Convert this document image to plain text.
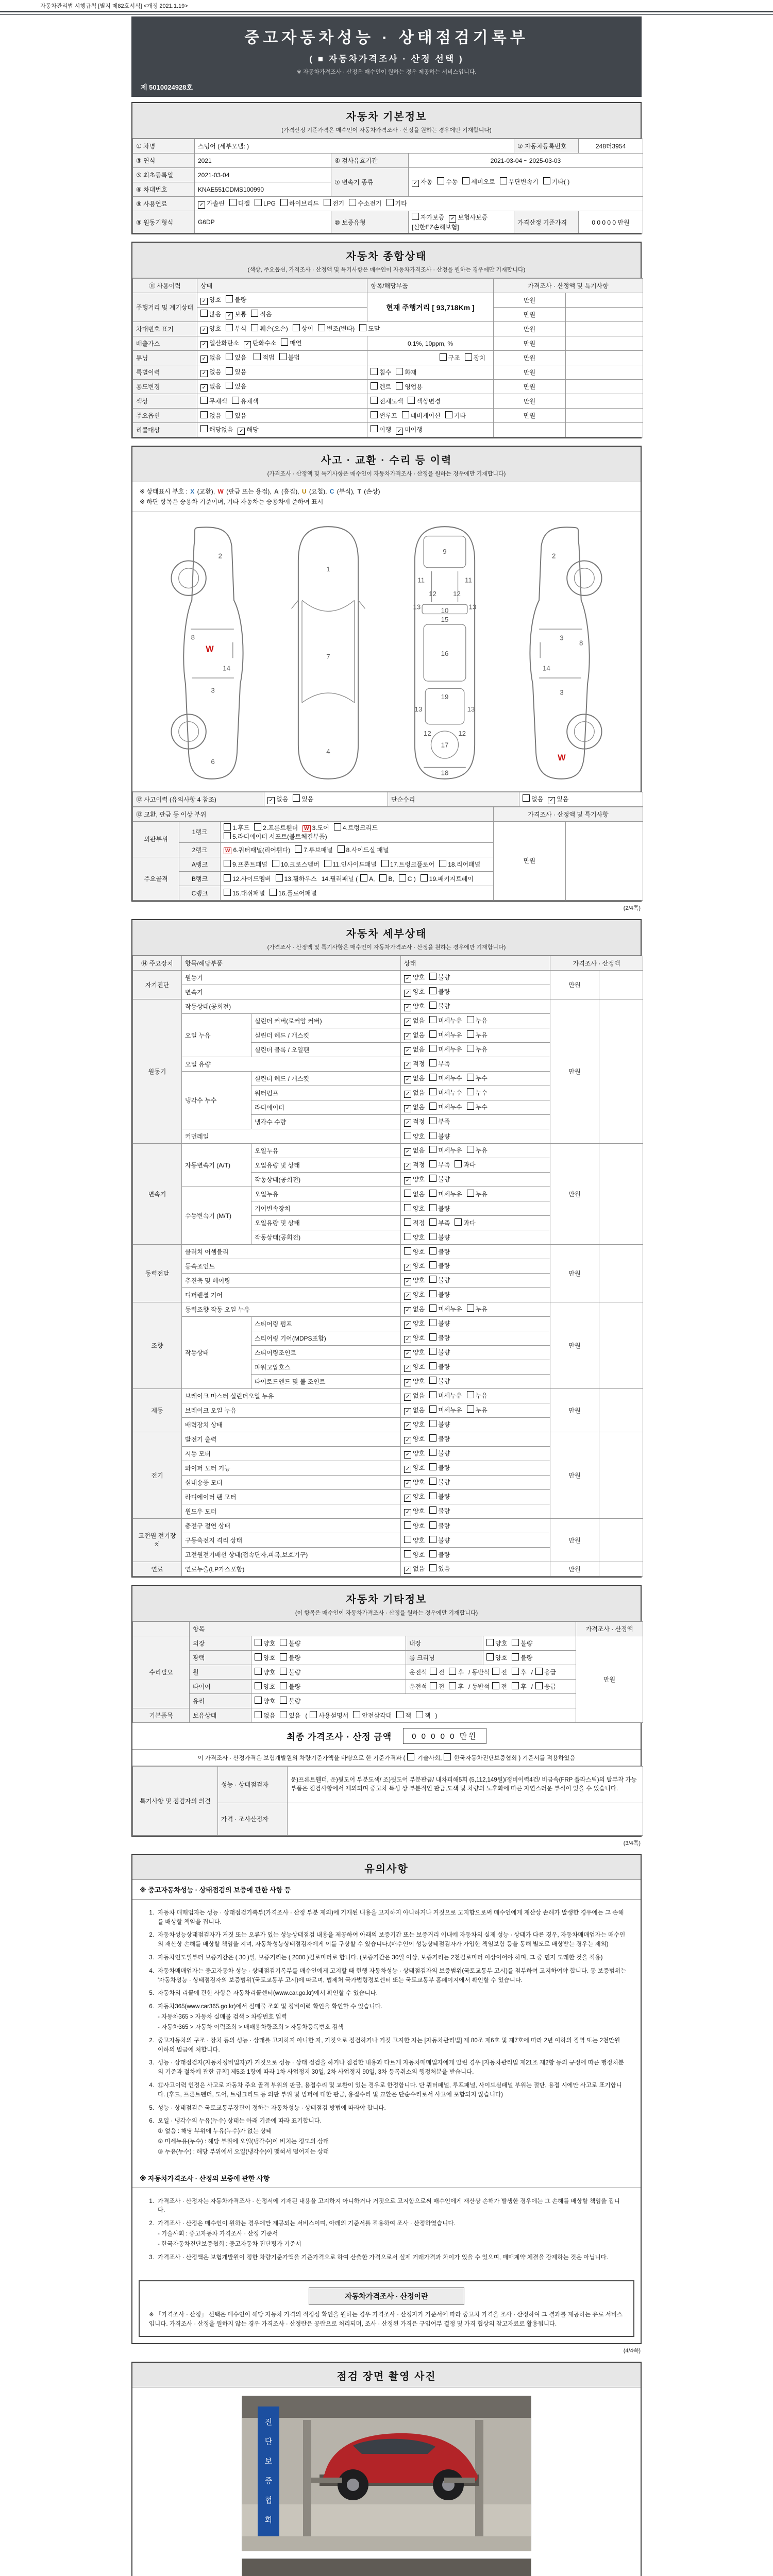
자동차관리법 시행규칙 [별지 제82호서식] <개정 2021.1.19>
중고자동차성능 · 상태점검기록부
( ■ 자동차가격조사 · 산정 선택 )
※ 자동차가격조사 · 산정은 매수인이 원하는 경우 제공하는 서비스입니다.
제 5010024928호
자동차 기본정보
(가격산정 기준가격은 매수인이 자동차가격조사 · 산정을 원하는 경우에만 기재합니다)
① 차명	스팅어 (세부모델: )			② 자동차등록번호	248더3954
③ 연식	2021	④ 검사유효기간	2021-03-04 ~ 2025-03-03		
⑤ 최초등록일	2021-03-04	⑦ 변속기 종류	✓ 자동 수동 세미오토 무단변속기 기타( )		
⑥ 차대번호	KNAE551CDMS100990				
⑧ 사용연료	✓ 가솔린 디젤 LPG 하이브리드 전기 수소전기 기타				
⑨ 원동기형식	G6DP	⑩ 보증유형	자가보증 ✓ 보험사보증[신한EZ손해보험]	가격산정 기준가격	0 0 0 0 0 만원
자동차 종합상태
(색상, 주요옵션, 가격조사 · 산정액 및 특기사항은 매수인이 자동차가격조사 · 산정을 원하는 경우에만 기재합니다)
⑪ 사용이력	상태	항목/해당부품	가격조사 · 산정액 및 특기사항	
주행거리 및 계기상태	✓ 양호 불량	현재 주행거리 [ 93,718Km ]	만원	
	많음 ✓ 보통 적음		만원	
차대번호 표기	✓ 양호 부식 훼손(오손) 상이 변조(변타) 도말		만원	
배출가스	✓ 일산화탄소 ✓ 탄화수소 매연	0.1%, 10ppm, %	만원	
튜닝	✓ 없음 있음 적법 불법	구조 장치	만원	
특별이력	✓ 없음 있음	침수 화재	만원	
용도변경	✓ 없음 있음	렌트 영업용	만원	
색상	무채색 유채색	전체도색 색상변경	만원	
주요옵션	없음 있음	썬루프 네비게이션 기타	만원	
리콜대상	해당없음 ✓ 해당	이행 ✓ 미이행		
사고 · 교환 · 수리 등 이력
(가격조사 · 산정액 및 특기사항은 매수인이 자동차가격조사 · 산정을 원하는 경우에만 기재합니다)
※ 상태표시 부호 : X (교환), W (판금 또는 용접), A (흠집), U (요철), C (부식), T (손상)
※ 하단 항목은 승용차 기준이며, 기타 자동차는 승용차에 준하여 표시
2
8
W
14
3
6
1
7
4
9
11	11
12 12
13	13
10
15
16
19
13	13
12	12
17
18
2
3
8
14
3
W
⑫ 사고이력 (유의사항 4 참조)	✓ 없음 있음	단순수리	없음 ✓ 있음
⑬ 교환, 판금 등 이상 부위			가격조사 · 산정액 및 특기사항	
외판부위	1랭크	1.후드 2.프론트휀더 W 3.도어 4.트렁크리드5.라디에이터 서포트(볼트체결부품)	만원	
	2랭크	W 6.쿼터패널(리어휀다) 7.루브패널 8.사이드실 패널		
주요골격	A랭크	9.프론트패널 10.크로스멤버 11.인사이드패널 17.트렁크플로어 18.리어패널		
	B랭크	12.사이드멤버 13.휠하우스 14.필러패널 (A, B, C ) 19.패키지트레이		
	C랭크	15.대쉬패널 16.플로어패널		
(2/4쪽)
자동차 세부상태
(가격조사 · 산정액 및 특기사항은 매수인이 자동차가격조사 · 산정을 원하는 경우에만 기재합니다)
⑭ 주요장치	항목/해당부품		상태	가격조사 · 산정액	
자기진단	원동기		✓ 양호 불량	만원	
	변속기		✓ 양호 불량		
원동기	작동상태(공회전)		✓ 양호 불량	만원	
	오일 누유	실린더 커버(로커암 커버)	✓ 없음 미세누유 누유		
		실린더 헤드 / 개스킷	✓ 없음 미세누유 누유		
		실린더 블록 / 오일팬	✓ 없음 미세누유 누유		
	오일 유량		✓ 적정 부족		
	냉각수 누수	실린더 헤드 / 개스킷	✓ 없음 미세누수 누수		
		워터펌프	✓ 없음 미세누수 누수		
		라디에이터	✓ 없음 미세누수 누수		
		냉각수 수량	✓ 적정 부족		
	커먼레일		양호 불량		
변속기	자동변속기 (A/T)	오일누유	✓ 없음 미세누유 누유	만원	
		오일유량 및 상태	✓ 적정 부족 과다		
		작동상태(공회전)	✓ 양호 불량		
	수동변속기 (M/T)	오일누유	없음 미세누유 누유		
		기어변속장치	양호 불량		
		오일유량 및 상태	적정 부족 과다		
		작동상태(공회전)	양호 불량		
동력전달	클러치 어셈블리		양호 불량	만원	
	등속조인트		✓ 양호 불량		
	추진축 및 베어링		✓ 양호 불량		
	디퍼렌셜 기어		✓ 양호 불량		
조향	동력조향 작동 오일 누유		✓ 없음 미세누유 누유	만원	
	작동상태	스티어링 펌프	✓ 양호 불량		
		스티어링 기어(MDPS포함)	✓ 양호 불량		
		스티어링조인트	✓ 양호 불량		
		파워고압호스	✓ 양호 불량		
		타이로드엔드 및 볼 조인트	✓ 양호 불량		
제동	브레이크 마스터 실린더오일 누유		✓ 없음 미세누유 누유	만원	
	브레이크 오일 누유		✓ 없음 미세누유 누유		
	배력장치 상태		✓ 양호 불량		
전기	발전기 출력		✓ 양호 불량	만원	
	시동 모터		✓ 양호 불량		
	와이퍼 모터 기능		✓ 양호 불량		
	실내송풍 모터		✓ 양호 불량		
	라디에이터 팬 모터		✓ 양호 불량		
	윈도우 모터		✓ 양호 불량		
고전원 전기장치	충전구 절연 상태		양호 불량	만원	
	구동축전지 격리 상태		양호 불량		
	고전원전기배선 상태(접속단자,피복,보호기구)		양호 불량		
연료	연료누출(LP가스포함)		✓ 없음 있음	만원	
자동차 기타정보
(이 항목은 매수인이 자동차가격조사 · 산정을 원하는 경우에만 기재합니다)
	항목				가격조사 · 산정액
수리필요	외장	양호 불량	내장	양호 불량	만원
	광택	양호 불량	룸 크리닝	양호 불량	
	휠	양호 불량	운전석 전 후 / 동반석 전 후 / 응급		
	타이어	양호 불량	운전석 전 후 / 동반석 전 후 / 응급		
	유리	양호 불량			
기본품목	보유상태	없음 있음 ( 사용설명서 안전삼각대 잭 잭 )			
최종 가격조사 · 산정 금액	0 0 0 0 0 만원
이 가격조사 · 산정가격은 보험개발원의 차량기준가액을 바탕으로 한 기준가격과 ( 기술사회, 한국자동차진단보증협회 ) 기준서를 적용하였음
특기사항 및 점검자의 의견	성능 · 상태점검자	운)프론트휀더, 운)뒷도어 부분도색/ 조)뒷도어 부분판금/ 내차피해5회 (5,112,149원)/정비이력4건/ 비금속(FRP 플라스틱)의 탈부착 가능 부품은 점검사항에서 제외되며 중고차 특성 상 부분적인 판금,도색 및 차량의 노후화에 따른 자연스러운 부식이 있을 수 있습니다.
	가격 · 조사산정자	
(3/4쪽)
유의사항
※ 중고자동차성능 · 상태점검의 보증에 관한 사항 등
1. 자동차 매매업자는 성능 · 상태점검기록부(가격조사 · 산정 부분 제외)에 기재된 내용을 고지하지 아니하거나 거짓으로 고지함으로써 매수인에게 재산상 손해가 발생한 경우에는 그 손해를 배상할 책임을 집니다.
2. 자동차성능상태점검자가 거짓 또는 오류가 있는 성능상태점검 내용을 제공하여 아래의 보증기간 또는 보증거리 이내에 자동차의 실제 성능 · 상태가 다른 경우, 자동차매매업자는 매수인의 재산상 손해를 배상할 책임을 지며, 자동차성능상태점검자에게 이를 구상할 수 있습니다.(매수인이 성능상태점검자가 가입한 책임보험 등을 통해 별도로 배상받는 경우는 제외)
3. 자동차인도일부터 보증기간은 ( 30 )일, 보증거리는 ( 2000 )킬로미터로 합니다. (보증기간은 30일 이상, 보증거리는 2천킬로미터 이상이어야 하며, 그 중 먼저 도래한 것을 적용)
4. 자동차매매업자는 중고자동차 성능 · 상태점검기록부를 매수인에게 고지할 때 현행 자동차성능 · 상태점검자의 보증범위(국토교통부 고시)를 첨부하여 고지하여야 합니다. 동 보증범위는 '자동차성능 · 상태점검자의 보증범위'(국토교통부 고시)에 따르며, 법제처 국가법령정보센터 또는 국토교통부 홈페이지에서 확인할 수 있습니다.
5. 자동차의 리콜에 관한 사항은 자동차리콜센터(www.car.go.kr)에서 확인할 수 있습니다.
6. 자동차365(www.car365.go.kr)에서 실매물 조회 및 정비이력 확인을 확인할 수 있습니다.
- 자동차365 > 자동차 실매물 검색 > 차량번호 입력
- 자동차365 > 자동차 이력조회 > 매매용차량조회 > 자동차등록번호 검색
2. 중고자동차의 구조 · 장치 등의 성능 · 상태를 고지하지 아니한 자, 거짓으로 점검하거나 거짓 고지한 자는 [자동차관리법] 제 80조 제6호 및 제7호에 따라 2년 이하의 징역 또는 2천만원 이하의 벌금에 처합니다.
3. 성능 · 상태점검자(자동차정비업자)가 거짓으로 성능 · 상태 점검을 하거나 점검한 내용과 다르게 자동차매매업자에게 알린 경우 [자동차관리법 제21조 제2항 등의 규정에 따른 행정처분의 기준과 절차에 관한 규칙] 제5조 1항에 따라 1차 사업정지 30일, 2차 사업정지 90일, 3차 등록취소의 행정처분을 받습니다.
4. ⑫사고이력 인정은 사고로 자동차 주요 골격 부위의 판금, 용접수리 및 교환이 있는 경우로 한정합니다. 단 쿼터패널, 루프패널, 사이드실패널 부위는 절단, 용접 시에만 사고로 표기합니다. (후드, 프론트펜더, 도어, 트렁크리드 등 외판 부위 및 범퍼에 대한 판금, 용접수리 및 교환은 단순수리로서 사고에 포함되지 않습니다)
5. 성능 · 상태점검은 국토교통부장관이 정하는 자동차성능 · 상태점검 방법에 따라야 합니다.
6. 오일 · 냉각수의 누유(누수) 상태는 아래 기준에 따라 표기합니다.
① 없음 : 해당 부위에 누유(누수)가 없는 상태
② 미세누유(누수) : 해당 부위에 오일(냉각수)이 비치는 정도의 상태
③ 누유(누수) : 해당 부위에서 오일(냉각수)이 맺혀서 떨어지는 상태
※ 자동차가격조사 · 산정의 보증에 관한 사항
1. 가격조사 · 산정자는 자동차가격조사 · 산정서에 기재된 내용을 고지하지 아니하거나 거짓으로 고지함으로써 매수인에게 재산상 손해가 발생한 경우에는 그 손해를 배상할 책임을 집니다.
2. 가격조사 · 산정은 매수인이 원하는 경우에만 제공되는 서비스이며, 아래의 기준서를 적용하여 조사 · 산정하였습니다.
- 기술사회 : 중고자동차 가격조사 · 산정 기준서
- 한국자동차진단보증협회 : 중고자동차 진단평가 기준서
3. 가격조사 · 산정액은 보험개발원이 정한 차량기준가액을 기준가격으로 하여 산출한 가격으로서 실제 거래가격과 차이가 있을 수 있으며, 매매계약 체결을 강제하는 것은 아닙니다.
자동차가격조사 · 산정이란
※ 「가격조사 · 산정」 선택은 매수인이 해당 자동차 가격의 적정성 확인을 원하는 경우 가격조사 · 산정자가 기준서에 따라 중고차 가격을 조사 · 산정하여 그 결과를 제공하는 유료 서비스입니다. 가격조사 · 산정을 원하지 않는 경우 가격조사 · 산정란은 공란으로 처리되며, 조사 · 산정된 가격은 구입여부 결정 및 가격 협상의 참고자료로 활용됩니다.
(4/4쪽)
점검 장면 촬영 사진
진
단
보
증
협
회
